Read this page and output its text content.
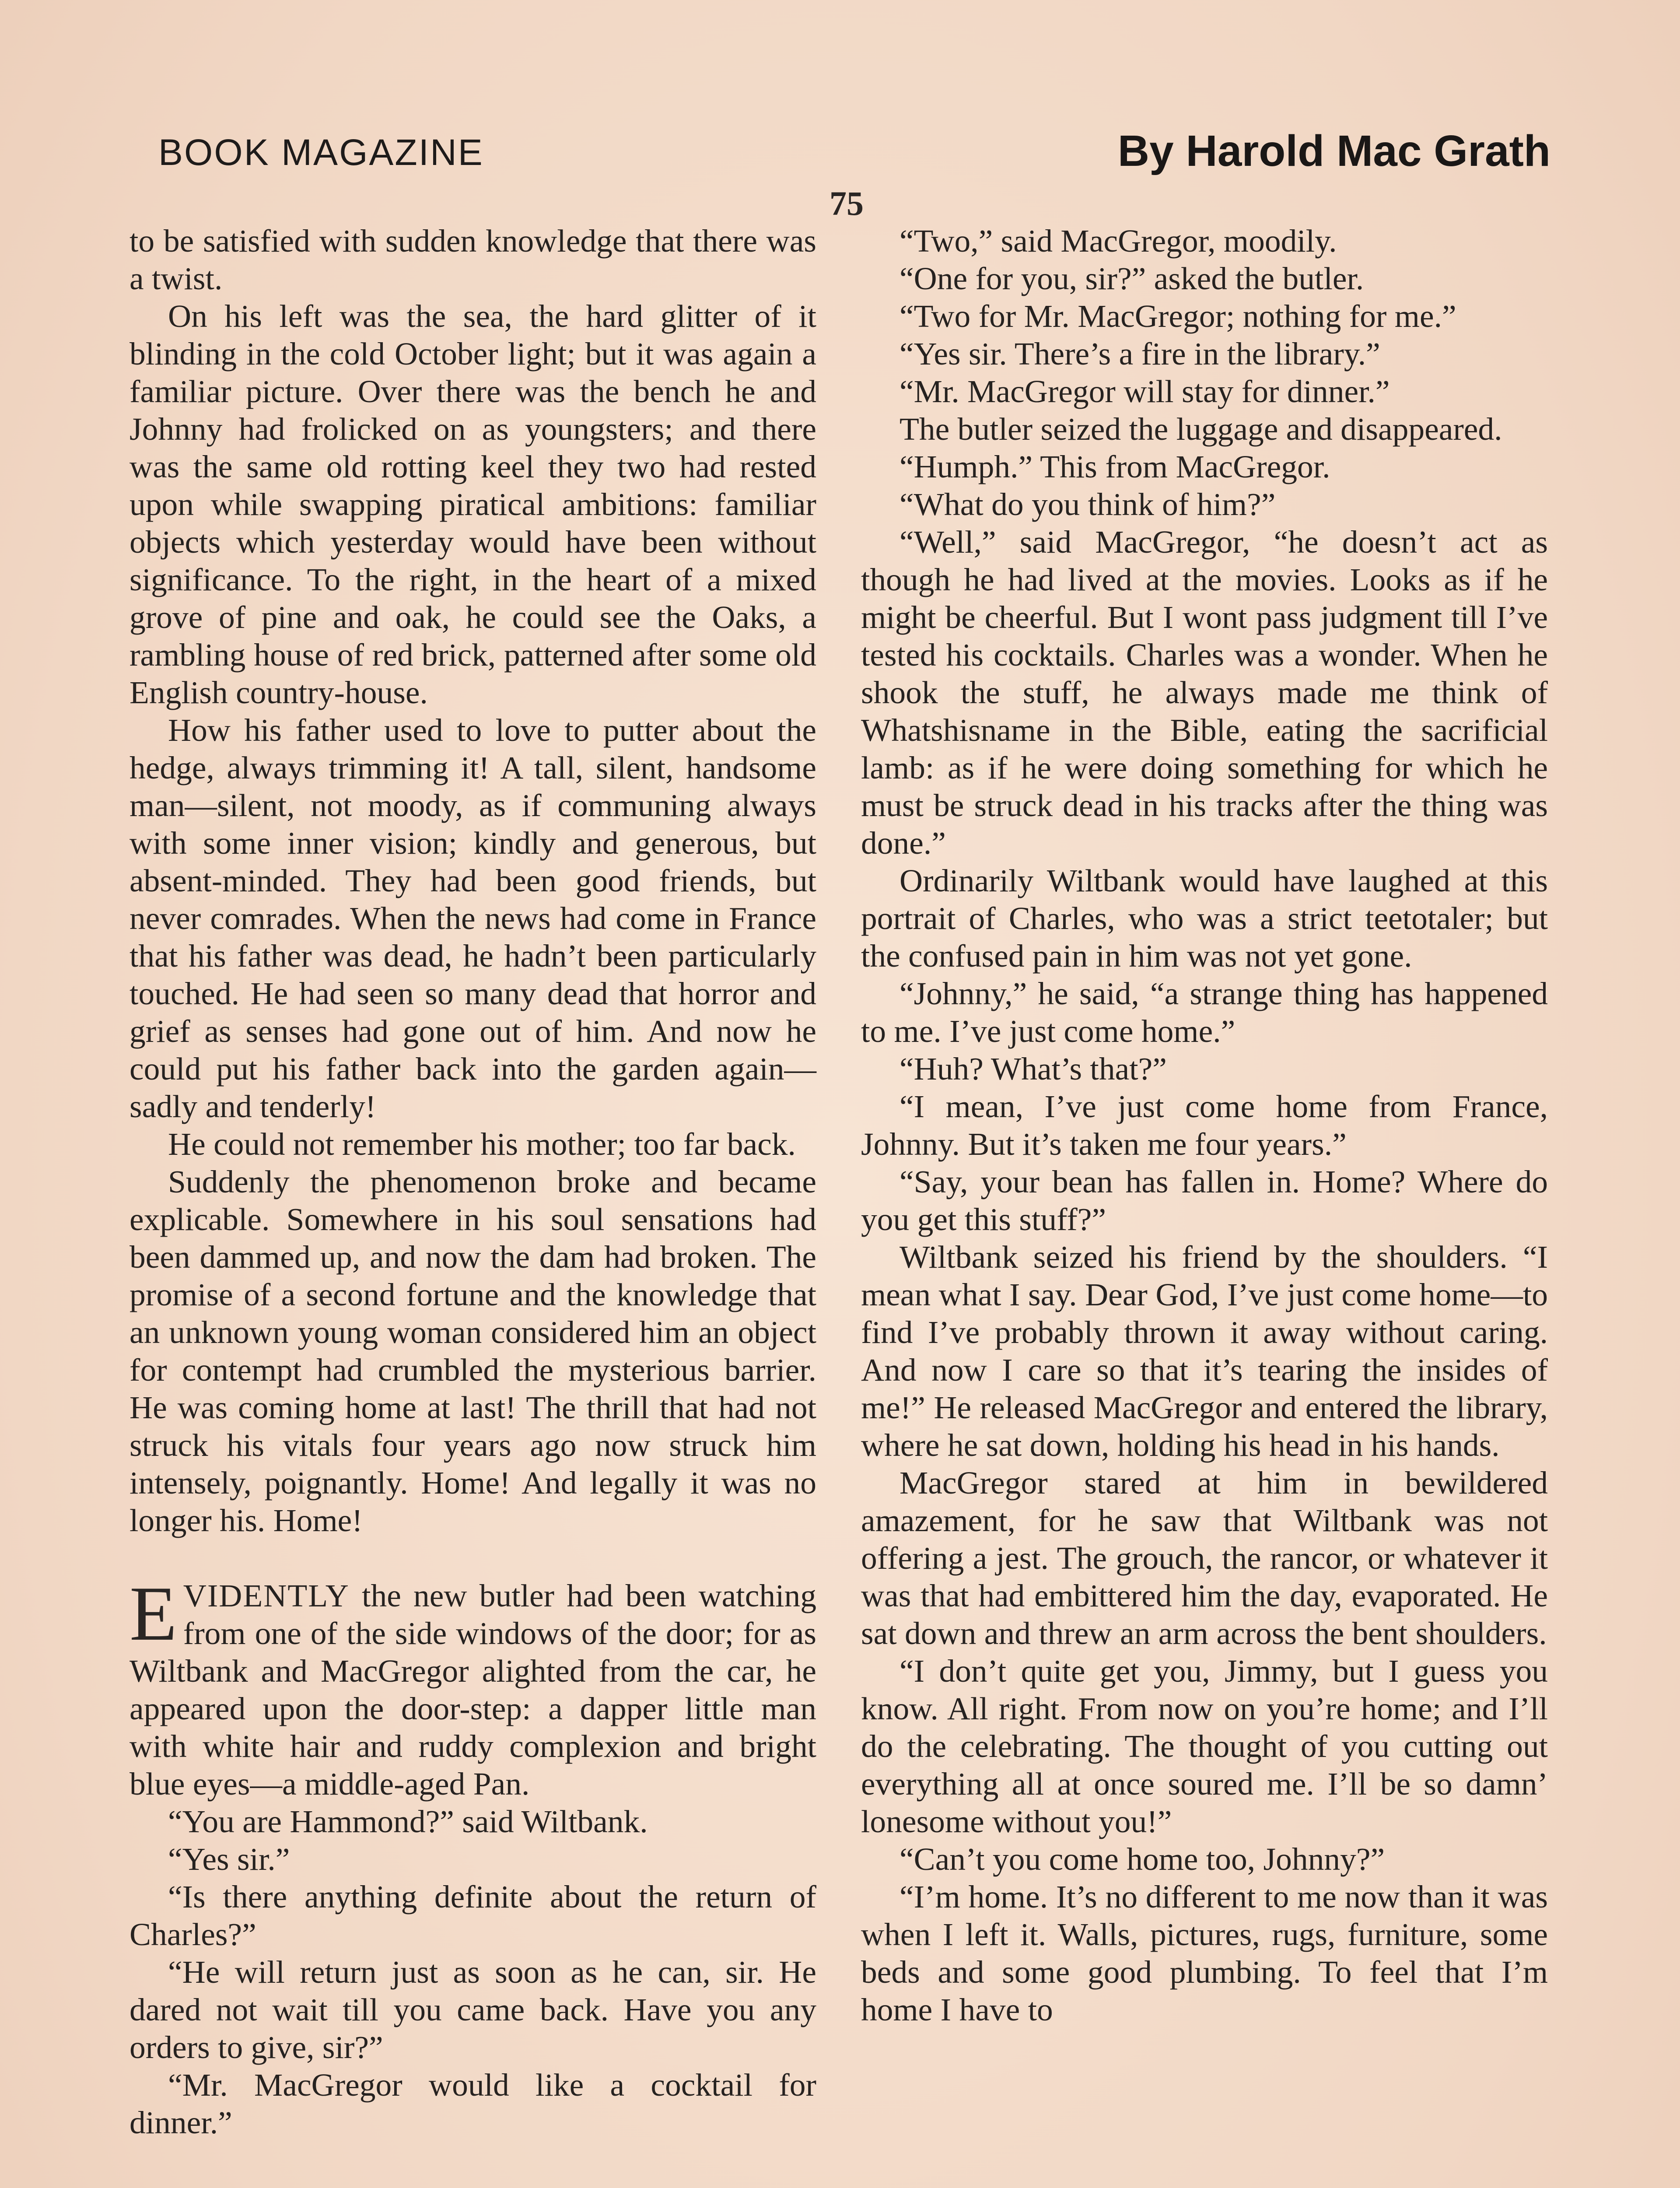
BOOK MAGAZINE
75
By Harold Mac Grath

to be satisfied with sudden knowledge that there was a twist.

On his left was the sea, the hard glitter of it blinding in the cold October light; but it was again a familiar picture. Over there was the bench he and Johnny had frolicked on as youngsters; and there was the same old rotting keel they two had rested upon while swapping piratical ambitions: familiar objects which yesterday would have been without significance. To the right, in the heart of a mixed grove of pine and oak, he could see the Oaks, a rambling house of red brick, patterned after some old English country-house.

How his father used to love to putter about the hedge, always trimming it! A tall, silent, handsome man—silent, not moody, as if communing always with some inner vision; kindly and generous, but absent-minded. They had been good friends, but never comrades. When the news had come in France that his father was dead, he hadn’t been particularly touched. He had seen so many dead that horror and grief as senses had gone out of him. And now he could put his father back into the garden again—sadly and tenderly!

He could not remember his mother; too far back.

Suddenly the phenomenon broke and became explicable. Somewhere in his soul sensations had been dammed up, and now the dam had broken. The promise of a second fortune and the knowledge that an unknown young woman considered him an object for contempt had crumbled the mysterious barrier. He was coming home at last! The thrill that had not struck his vitals four years ago now struck him intensely, poignantly. Home! And legally it was no longer his. Home!

EVIDENTLY the new butler had been watching from one of the side windows of the door; for as Wiltbank and MacGregor alighted from the car, he appeared upon the door-step: a dapper little man with white hair and ruddy complexion and bright blue eyes—a middle-aged Pan.

“You are Hammond?” said Wiltbank.

“Yes sir.”

“Is there anything definite about the return of Charles?”

“He will return just as soon as he can, sir. He dared not wait till you came back. Have you any orders to give, sir?”

“Mr. MacGregor would like a cocktail for dinner.”

“Two,” said MacGregor, moodily.

“One for you, sir?” asked the butler.

“Two for Mr. MacGregor; nothing for me.”

“Yes sir. There’s a fire in the library.”

“Mr. MacGregor will stay for dinner.”

The butler seized the luggage and disappeared.

“Humph.” This from MacGregor.

“What do you think of him?”

“Well,” said MacGregor, “he doesn’t act as though he had lived at the movies. Looks as if he might be cheerful. But I wont pass judgment till I’ve tested his cocktails. Charles was a wonder. When he shook the stuff, he always made me think of Whatshisname in the Bible, eating the sacrificial lamb: as if he were doing something for which he must be struck dead in his tracks after the thing was done.”

Ordinarily Wiltbank would have laughed at this portrait of Charles, who was a strict teetotaler; but the confused pain in him was not yet gone.

“Johnny,” he said, “a strange thing has happened to me. I’ve just come home.”

“Huh? What’s that?”

“I mean, I’ve just come home from France, Johnny. But it’s taken me four years.”

“Say, your bean has fallen in. Home? Where do you get this stuff?”

Wiltbank seized his friend by the shoulders. “I mean what I say. Dear God, I’ve just come home—to find I’ve probably thrown it away without caring. And now I care so that it’s tearing the insides of me!” He released MacGregor and entered the library, where he sat down, holding his head in his hands.

MacGregor stared at him in bewildered amazement, for he saw that Wiltbank was not offering a jest. The grouch, the rancor, or whatever it was that had embittered him the day, evaporated. He sat down and threw an arm across the bent shoulders.

“I don’t quite get you, Jimmy, but I guess you know. All right. From now on you’re home; and I’ll do the celebrating. The thought of you cutting out everything all at once soured me. I’ll be so damn’ lonesome without you!”

“Can’t you come home too, Johnny?”

“I’m home. It’s no different to me now than it was when I left it. Walls, pictures, rugs, furniture, some beds and some good plumbing. To feel that I’m home I have to
